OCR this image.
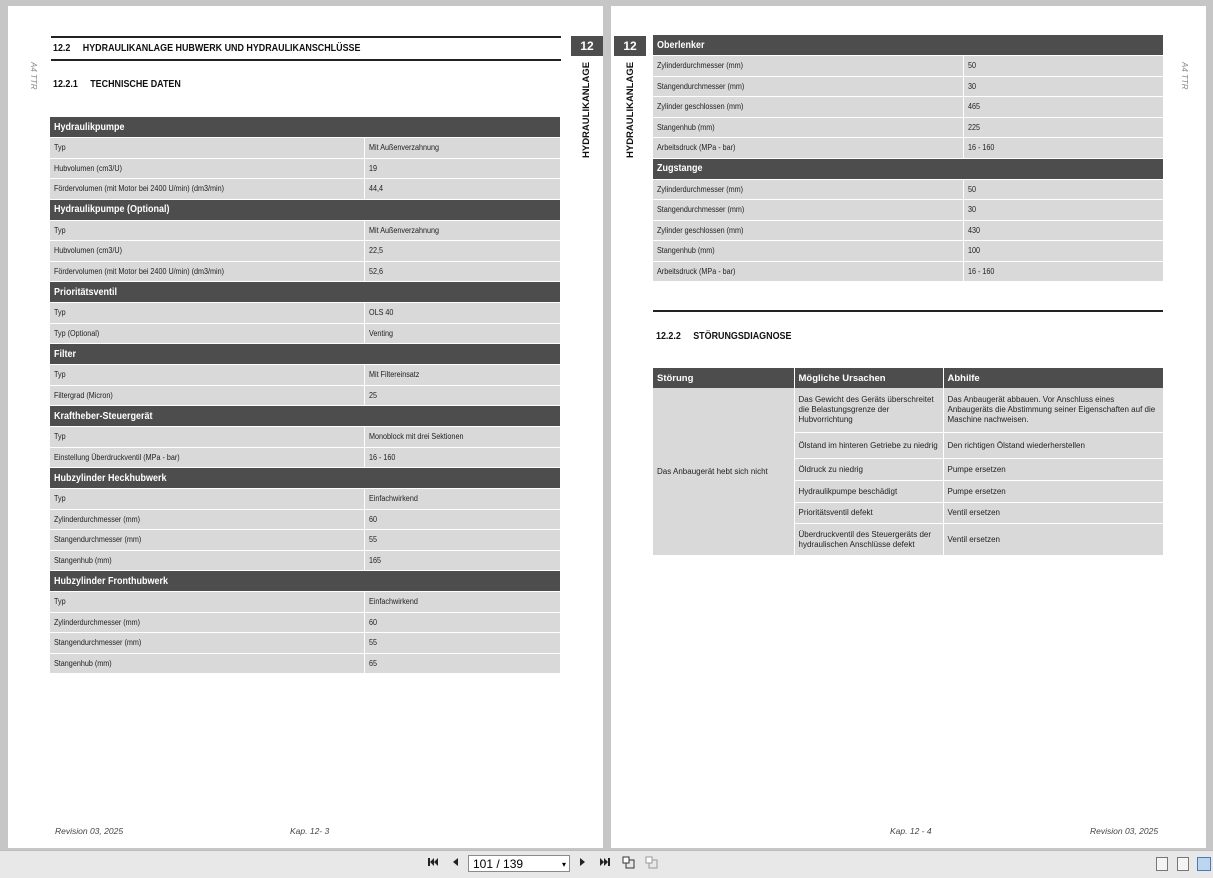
12.2 HYDRAULIKANLAGE HUBWERK UND HYDRAULIKANSCHLÜSSE
12.2.1 TECHNISCHE DATEN
A4 TTR
12
HYDRAULIKANLAGE
Hydraulikpumpe	
Typ	Mit Außenverzahnung
Hubvolumen (cm3/U)	19
Fördervolumen (mit Motor bei 2400 U/min) (dm3/min)	44,4
Hydraulikpumpe (Optional)	
Typ	Mit Außenverzahnung
Hubvolumen (cm3/U)	22,5
Fördervolumen (mit Motor bei 2400 U/min) (dm3/min)	52,6
Prioritätsventil	
Typ	OLS 40
Typ (Optional)	Venting
Filter	
Typ	Mit Filtereinsatz
Filtergrad (Micron)	25
Kraftheber-Steuergerät	
Typ	Monoblock mit drei Sektionen
Einstellung Überdruckventil (MPa - bar)	16 - 160
Hubzylinder Heckhubwerk	
Typ	Einfachwirkend
Zylinderdurchmesser (mm)	60
Stangendurchmesser (mm)	55
Stangenhub (mm)	165
Hubzylinder Fronthubwerk	
Typ	Einfachwirkend
Zylinderdurchmesser (mm)	60
Stangendurchmesser (mm)	55
Stangenhub (mm)	65
Revision 03, 2025	Kap. 12- 3
12
HYDRAULIKANLAGE	A4 TTR
Oberlenker	
Zylinderdurchmesser (mm)	50
Stangendurchmesser (mm)	30
Zylinder geschlossen (mm)	465
Stangenhub (mm)	225
Arbeitsdruck (MPa - bar)	16 - 160
Zugstange	
Zylinderdurchmesser (mm)	50
Stangendurchmesser (mm)	30
Zylinder geschlossen (mm)	430
Stangenhub (mm)	100
Arbeitsdruck (MPa - bar)	16 - 160
12.2.2 STÖRUNGSDIAGNOSE
Störung	Mögliche Ursachen	Abhilfe
Das Anbaugerät hebt sich nicht	Das Gewicht des Geräts überschreitet die Belastungsgrenze der Hubvorrichtung	Das Anbaugerät abbauen. Vor Anschluss eines Anbaugeräts die Abstimmung seiner Eigenschaften auf die Maschine nachweisen.
	Ölstand im hinteren Getriebe zu niedrig	Den richtigen Ölstand wiederherstellen
	Öldruck zu niedrig	Pumpe ersetzen
	Hydraulikpumpe beschädigt	Pumpe ersetzen
	Prioritätsventil defekt	Ventil ersetzen
	Überdruckventil des Steuergeräts der hydraulischen Anschlüsse defekt	Ventil ersetzen
Kap. 12 - 4	Revision 03, 2025
101 / 139	▾
